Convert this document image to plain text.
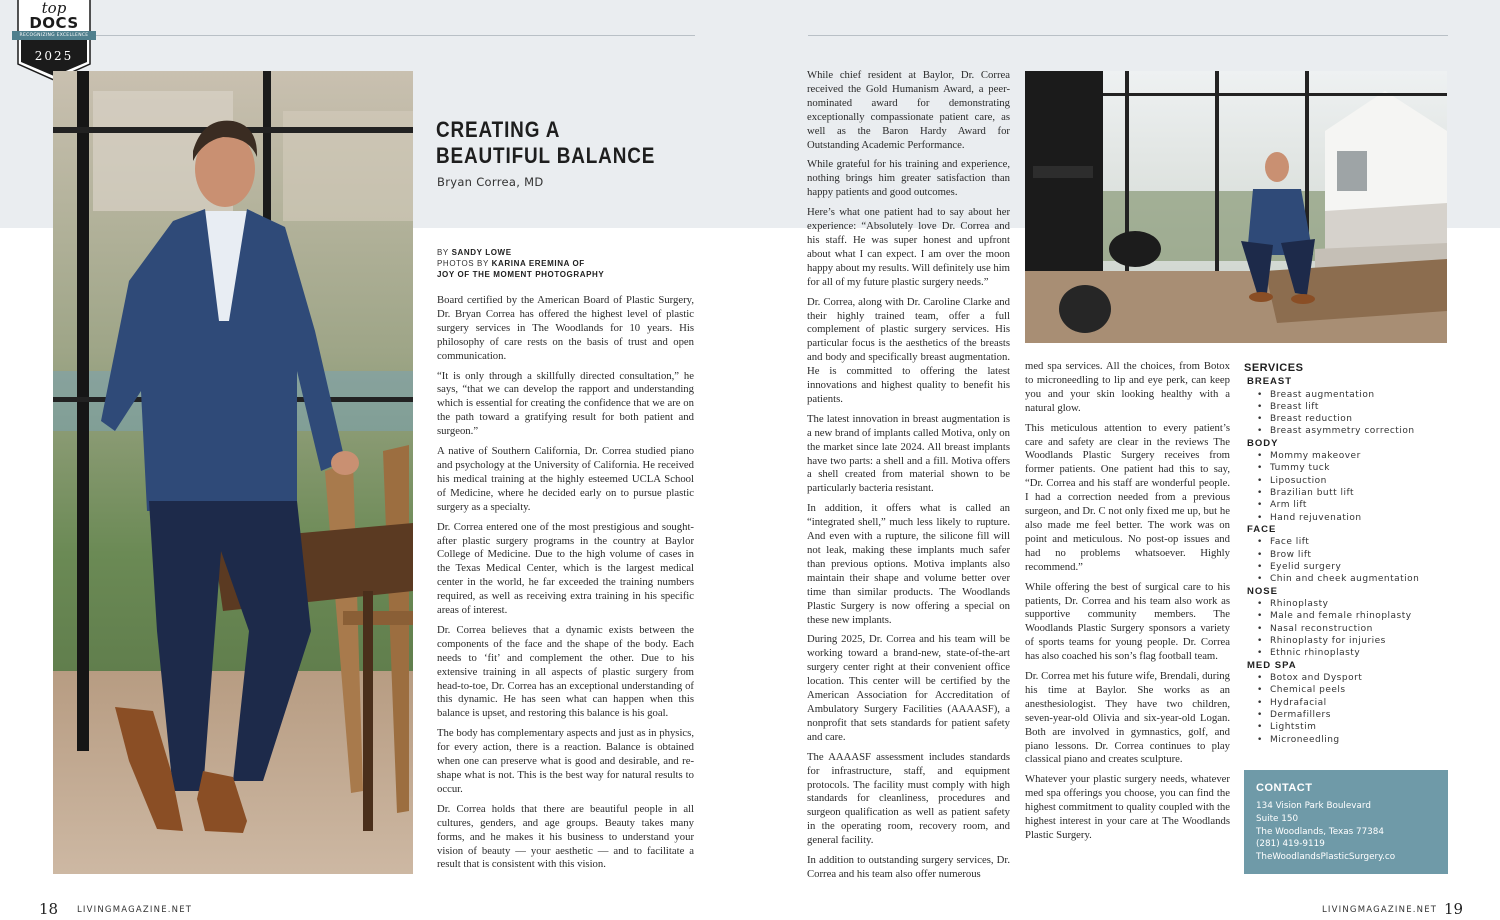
top
DOCS
RECOGNIZING EXCELLENCE
2025
CREATING A
BEAUTIFUL BALANCE
Bryan Correa, MD
BY SANDY LOWE
PHOTOS BY KARINA EREMINA OF
JOY OF THE MOMENT PHOTOGRAPHY

Board certified by the American Board of Plastic Surgery, Dr. Bryan Correa has offered the highest level of plastic surgery services in The Woodlands for 10 years. His philosophy of care rests on the basis of trust and open communication.

“It is only through a skillfully directed consultation,” he says, “that we can develop the rapport and understanding which is essential for creating the confidence that we are on the path toward a gratifying result for both patient and surgeon.”

A native of Southern California, Dr. Correa studied piano and psychology at the University of California. He received his medical training at the highly esteemed UCLA School of Medicine, where he decided early on to pursue plastic surgery as a specialty.

Dr. Correa entered one of the most prestigious and sought-after plastic surgery programs in the country at Baylor College of Medicine. Due to the high volume of cases in the Texas Medical Center, which is the largest medical center in the world, he far exceeded the training numbers required, as well as receiving extra training in his specific areas of interest.

Dr. Correa believes that a dynamic exists between the components of the face and the shape of the body. Each needs to ‘fit’ and complement the other. Due to his extensive training in all aspects of plastic surgery from head-to-toe, Dr. Correa has an exceptional understanding of this dynamic. He has seen what can happen when this balance is upset, and restoring this balance is his goal.

The body has complementary aspects and just as in physics, for every action, there is a reaction. Balance is obtained when one can preserve what is good and desirable, and re-shape what is not. This is the best way for natural results to occur.

Dr. Correa holds that there are beautiful people in all cultures, genders, and age groups. Beauty takes many forms, and he makes it his business to understand your vision of beauty — your aesthetic — and to facilitate a result that is consistent with this vision.

While chief resident at Baylor, Dr. Correa received the Gold Humanism Award, a peer-nominated award for demonstrating exceptionally compassionate patient care, as well as the Baron Hardy Award for Outstanding Academic Performance.

While grateful for his training and experience, nothing brings him greater satisfaction than happy patients and good outcomes.

Here’s what one patient had to say about her experience: “Absolutely love Dr. Correa and his staff. He was super honest and upfront about what I can expect. I am over the moon happy about my results. Will definitely use him for all of my future plastic surgery needs.”

Dr. Correa, along with Dr. Caroline Clarke and their highly trained team, offer a full complement of plastic surgery services. His particular focus is the aesthetics of the breasts and body and specifically breast augmentation. He is committed to offering the latest innovations and highest quality to benefit his patients.

The latest innovation in breast augmentation is a new brand of implants called Motiva, only on the market since late 2024. All breast implants have two parts: a shell and a fill. Motiva offers a shell created from material shown to be particularly bacteria resistant.

In addition, it offers what is called an “integrated shell,” much less likely to rupture. And even with a rupture, the silicone fill will not leak, making these implants much safer than previous options. Motiva implants also maintain their shape and volume better over time than similar products. The Woodlands Plastic Surgery is now offering a special on these new implants.

During 2025, Dr. Correa and his team will be working toward a brand-new, state-of-the-art surgery center right at their convenient office location. This center will be certified by the American Association for Accreditation of Ambulatory Surgery Facilities (AAAASF), a nonprofit that sets standards for patient safety and care.

The AAAASF assessment includes standards for infrastructure, staff, and equipment protocols. The facility must comply with high standards for cleanliness, procedures and surgeon qualification as well as patient safety in the operating room, recovery room, and general facility.

In addition to outstanding surgery services, Dr. Correa and his team also offer numerous

med spa services. All the choices, from Botox to microneedling to lip and eye perk, can keep you and your skin looking healthy with a natural glow.

This meticulous attention to every patient’s care and safety are clear in the reviews The Woodlands Plastic Surgery receives from former patients. One patient had this to say, “Dr. Correa and his staff are wonderful people. I had a correction needed from a previous surgeon, and Dr. C not only fixed me up, but he also made me feel better. The work was on point and meticulous. No post-op issues and had no problems whatsoever. Highly recommend.”

While offering the best of surgical care to his patients, Dr. Correa and his team also work as supportive community members. The Woodlands Plastic Surgery sponsors a variety of sports teams for young people. Dr. Correa has also coached his son’s flag football team.

Dr. Correa met his future wife, Brendali, during his time at Baylor. She works as an anesthesiologist. They have two children, seven-year-old Olivia and six-year-old Logan. Both are involved in gymnastics, golf, and piano lessons. Dr. Correa continues to play classical piano and creates sculpture.

Whatever your plastic surgery needs, whatever med spa offerings you choose, you can find the highest commitment to quality coupled with the highest interest in your care at The Woodlands Plastic Surgery.

SERVICES
BREAST
• Breast augmentation
• Breast lift
• Breast reduction
• Breast asymmetry correction
BODY
• Mommy makeover
• Tummy tuck
• Liposuction
• Brazilian butt lift
• Arm lift
• Hand rejuvenation
FACE
• Face lift
• Brow lift
• Eyelid surgery
• Chin and cheek augmentation
NOSE
• Rhinoplasty
• Male and female rhinoplasty
• Nasal reconstruction
• Rhinoplasty for injuries
• Ethnic rhinoplasty
MED SPA
• Botox and Dysport
• Chemical peels
• Hydrafacial
• Dermafillers
• Lightstim
• Microneedling
CONTACT
134 Vision Park Boulevard
Suite 150
The Woodlands, Texas 77384
(281) 419-9119
TheWoodlandsPlasticSurgery.co
18 LIVINGMAGAZINE.NET	LIVINGMAGAZINE.NET 19
